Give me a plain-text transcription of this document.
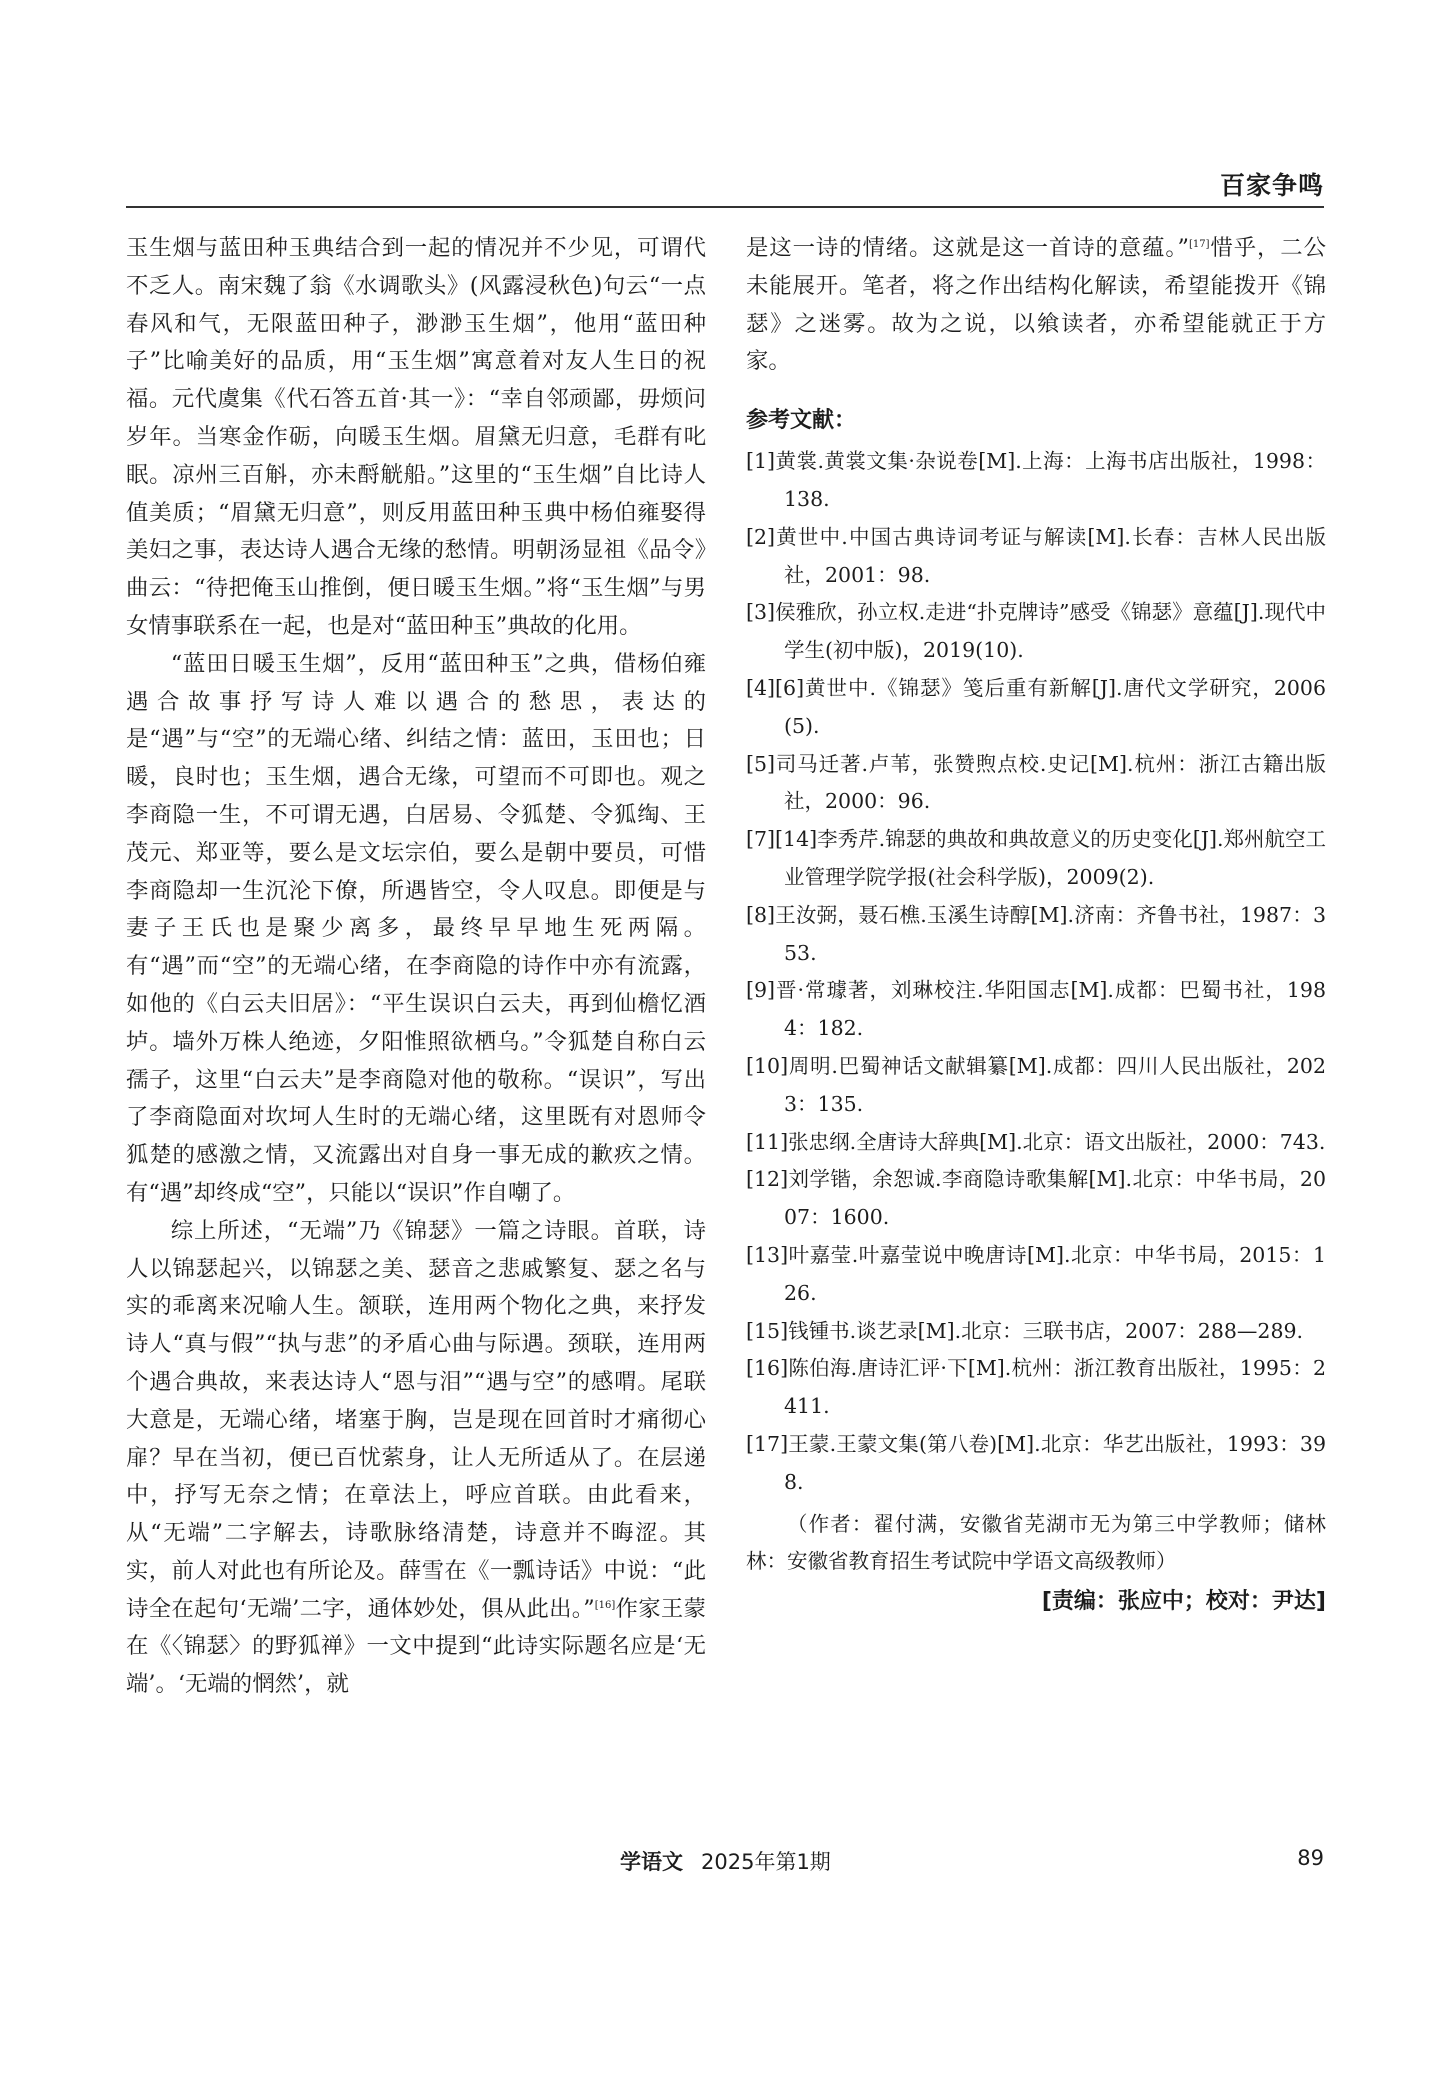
百家争鸣

玉生烟与蓝田种玉典结合到一起的情况并不少见，可谓代不乏人。南宋魏了翁《水调歌头》(风露浸秋色)句云“一点春风和气，无限蓝田种子，渺渺玉生烟”，他用“蓝田种子”比喻美好的品质，用“玉生烟”寓意着对友人生日的祝福。元代虞集《代石答五首·其一》：“幸自邻顽鄙，毋烦问岁年。当寒金作砺，向暖玉生烟。眉黛无归意，毛群有叱眠。凉州三百斛，亦未酹觥船。”这里的“玉生烟”自比诗人值美质；“眉黛无归意”，则反用蓝田种玉典中杨伯雍娶得美妇之事，表达诗人遇合无缘的愁情。明朝汤显祖《品令》曲云：“待把俺玉山推倒，便日暖玉生烟。”将“玉生烟”与男女情事联系在一起，也是对“蓝田种玉”典故的化用。

“蓝田日暖玉生烟”，反用“蓝田种玉”之典，借杨伯雍遇合故事抒写诗人难以遇合的愁思，表达的是“遇”与“空”的无端心绪、纠结之情：蓝田，玉田也；日暖，良时也；玉生烟，遇合无缘，可望而不可即也。观之李商隐一生，不可谓无遇，白居易、令狐楚、令狐绹、王茂元、郑亚等，要么是文坛宗伯，要么是朝中要员，可惜李商隐却一生沉沦下僚，所遇皆空，令人叹息。即便是与妻子王氏也是聚少离多，最终早早地生死两隔。有“遇”而“空”的无端心绪，在李商隐的诗作中亦有流露，如他的《白云夫旧居》：“平生误识白云夫，再到仙檐忆酒垆。墙外万株人绝迹，夕阳惟照欲栖乌。”令狐楚自称白云孺子，这里“白云夫”是李商隐对他的敬称。“误识”，写出了李商隐面对坎坷人生时的无端心绪，这里既有对恩师令狐楚的感激之情，又流露出对自身一事无成的歉疚之情。有“遇”却终成“空”，只能以“误识”作自嘲了。

综上所述，“无端”乃《锦瑟》一篇之诗眼。首联，诗人以锦瑟起兴，以锦瑟之美、瑟音之悲戚繁复、瑟之名与实的乖离来况喻人生。颔联，连用两个物化之典，来抒发诗人“真与假”“执与悲”的矛盾心曲与际遇。颈联，连用两个遇合典故，来表达诗人“恩与泪”“遇与空”的感喟。尾联大意是，无端心绪，堵塞于胸，岂是现在回首时才痛彻心扉？早在当初，便已百忧萦身，让人无所适从了。在层递中，抒写无奈之情；在章法上，呼应首联。由此看来，从“无端”二字解去，诗歌脉络清楚，诗意并不晦涩。其实，前人对此也有所论及。薛雪在《一瓢诗话》中说：“此诗全在起句‘无端’二字，通体妙处，俱从此出。”[16]作家王蒙在《〈锦瑟〉的野狐禅》一文中提到“此诗实际题名应是‘无端’。‘无端的惘然’，就

是这一诗的情绪。这就是这一首诗的意蕴。”[17]惜乎，二公未能展开。笔者，将之作出结构化解读，希望能拨开《锦瑟》之迷雾。故为之说，以飨读者，亦希望能就正于方家。

参考文献：
[1]黄裳.黄裳文集·杂说卷[M].上海：上海书店出版社，1998：138.
[2]黄世中.中国古典诗词考证与解读[M].长春：吉林人民出版社，2001：98.
[3]侯雅欣，孙立权.走进“扑克牌诗”感受《锦瑟》意蕴[J].现代中学生(初中版)，2019(10).
[4][6]黄世中.《锦瑟》笺后重有新解[J].唐代文学研究，2006(5).
[5]司马迁著.卢苇，张赞煦点校.史记[M].杭州：浙江古籍出版社，2000：96.
[7][14]李秀芹.锦瑟的典故和典故意义的历史变化[J].郑州航空工业管理学院学报(社会科学版)，2009(2).
[8]王汝弼，聂石樵.玉溪生诗醇[M].济南：齐鲁书社，1987：353.
[9]晋·常璩著，刘琳校注.华阳国志[M].成都：巴蜀书社，1984：182.
[10]周明.巴蜀神话文献辑纂[M].成都：四川人民出版社，2023：135.
[11]张忠纲.全唐诗大辞典[M].北京：语文出版社，2000：743.
[12]刘学锴，余恕诚.李商隐诗歌集解[M].北京：中华书局，2007：1600.
[13]叶嘉莹.叶嘉莹说中晚唐诗[M].北京：中华书局，2015：126.
[15]钱锺书.谈艺录[M].北京：三联书店，2007：288—289.
[16]陈伯海.唐诗汇评·下[M].杭州：浙江教育出版社，1995：2411.
[17]王蒙.王蒙文集(第八卷)[M].北京：华艺出版社，1993：398.

（作者：翟付满，安徽省芜湖市无为第三中学教师；储林林：安徽省教育招生考试院中学语文高级教师）

[责编：张应中；校对：尹达]

学语文 2025年第1期	89
